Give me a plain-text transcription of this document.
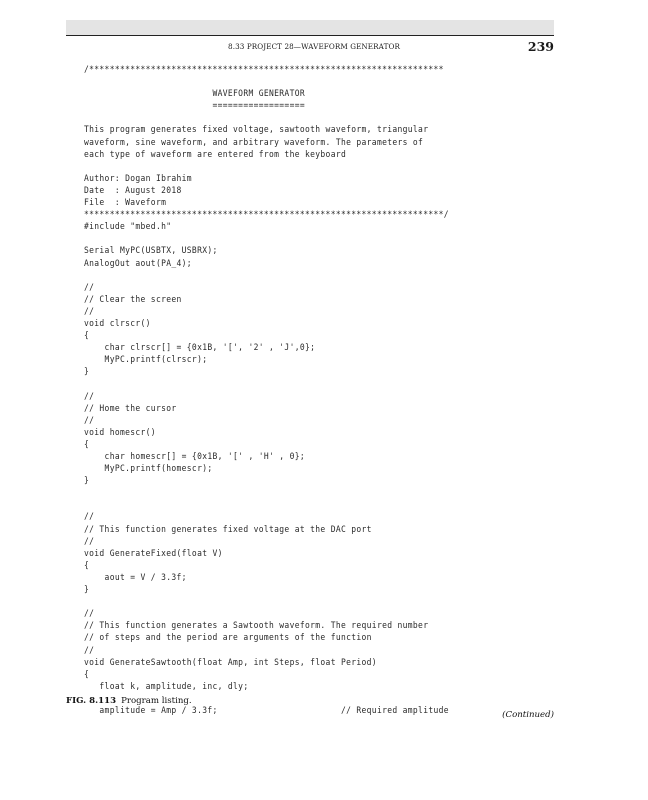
8.33 PROJECT 28—WAVEFORM GENERATOR	239
/*********************************************************************
WAVEFORM GENERATOR
==================
This program generates fixed voltage, sawtooth waveform, triangular
waveform, sine waveform, and arbitrary waveform. The parameters of
each type of waveform are entered from the keyboard
Author: Dogan Ibrahim
Date  : August 2018
File  : Waveform
**********************************************************************/
#include "mbed.h"
Serial MyPC(USBTX, USBRX);
AnalogOut aout(PA_4);
//
// Clear the screen
//
void clrscr()
{
char clrscr[] = {0x1B, '[', '2' , 'J',0};
MyPC.printf(clrscr);
}
//
// Home the cursor
//
void homescr()
{
char homescr[] = {0x1B, '[' , 'H' , 0};
MyPC.printf(homescr);
}
//
// This function generates fixed voltage at the DAC port
//
void GenerateFixed(float V)
{
aout = V / 3.3f;
}
//
// This function generates a Sawtooth waveform. The required number
// of steps and the period are arguments of the function
//
void GenerateSawtooth(float Amp, int Steps, float Period)
{
float k, amplitude, inc, dly;
amplitude = Amp / 3.3f;                        // Required amplitude
FIG. 8.113 Program listing.
(Continued)
